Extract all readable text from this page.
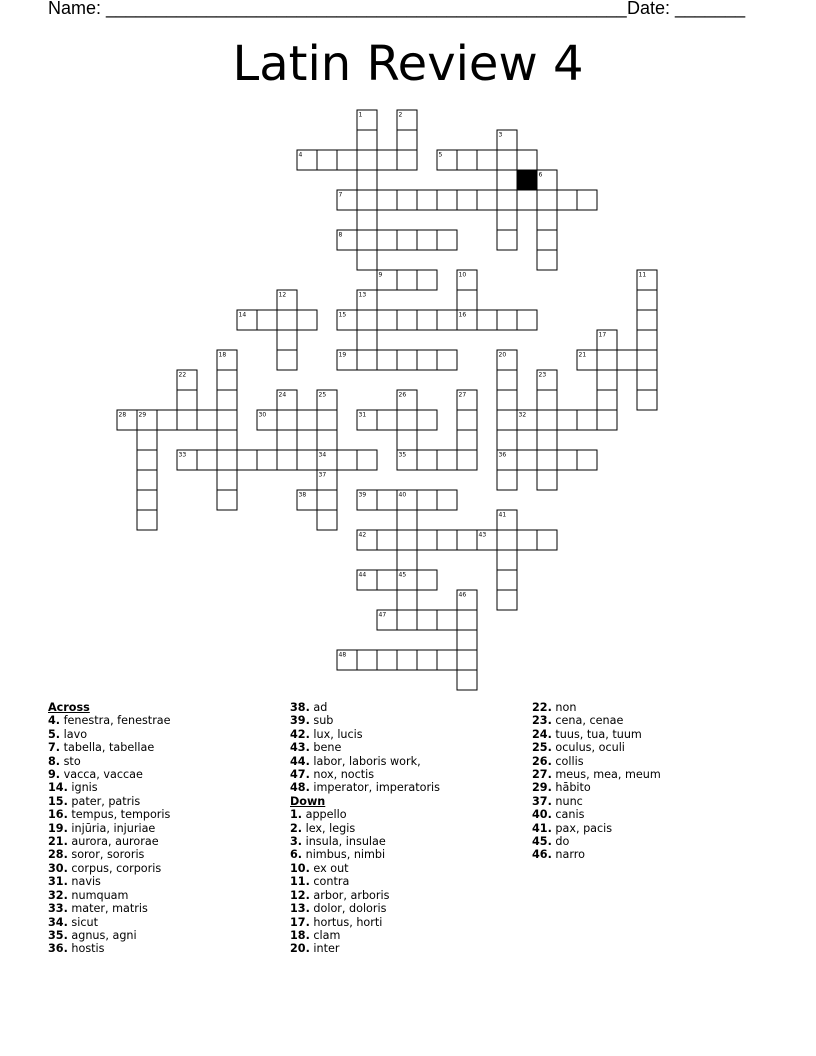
Name: ____________________________________________________ Date: _______
Latin Review 4
4	5
7
8
9
14	15	16
19	21
28	30	31	32
33	34	35	36
38	39
42	43
44
47
48
1	2
3
6
10	11
12	13
17
18	20
22	23
24	25	26	27
29
37
40
41
45
46
Across
4. fenestra, fenestrae
5. lavo
7. tabella, tabellae
8. sto
9. vacca, vaccae
14. ignis
15. pater, patris
16. tempus, temporis
19. injūria, injuriae
21. aurora, aurorae
28. soror, sororis
30. corpus, corporis
31. navis
32. numquam
33. mater, matris
34. sicut
35. agnus, agni
36. hostis
38. ad
39. sub
42. lux, lucis
43. bene
44. labor, laboris work,
47. nox, noctis
48. imperator, imperatoris
Down
1. appello
2. lex, legis
3. insula, insulae
6. nimbus, nimbi
10. ex out
11. contra
12. arbor, arboris
13. dolor, doloris
17. hortus, horti
18. clam
20. inter
22. non
23. cena, cenae
24. tuus, tua, tuum
25. oculus, oculi
26. collis
27. meus, mea, meum
29. hābito
37. nunc
40. canis
41. pax, pacis
45. do
46. narro
